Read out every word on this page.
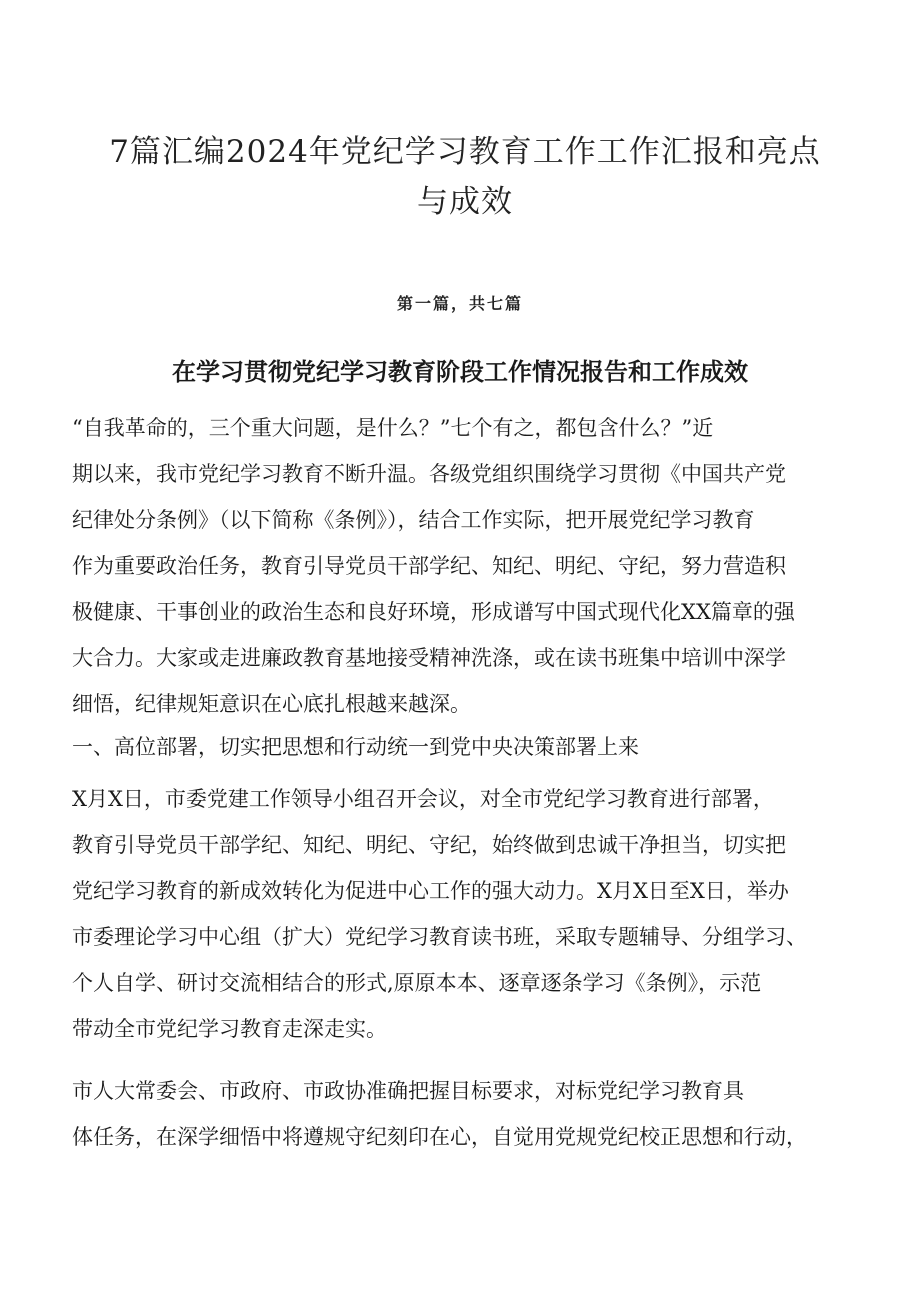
7篇汇编2024年党纪学习教育工作工作汇报和亮点
与成效
第一篇，共七篇
在学习贯彻党纪学习教育阶段工作情况报告和工作成效
“自我革命的，三个重大问题，是什么？”七个有之，都包含什么？”近
期以来，我市党纪学习教育不断升温。各级党组织围绕学习贯彻《中国共产党
纪律处分条例》（以下简称《条例》），结合工作实际，把开展党纪学习教育
作为重要政治任务，教育引导党员干部学纪、知纪、明纪、守纪，努力营造积
极健康、干事创业的政治生态和良好环境，形成谱写中国式现代化XX篇章的强
大合力。大家或走进廉政教育基地接受精神洗涤，或在读书班集中培训中深学
细悟，纪律规矩意识在心底扎根越来越深。
一、高位部署，切实把思想和行动统一到党中央决策部署上来
X月X日，市委党建工作领导小组召开会议，对全市党纪学习教育进行部署，
教育引导党员干部学纪、知纪、明纪、守纪，始终做到忠诚干净担当，切实把
党纪学习教育的新成效转化为促进中心工作的强大动力。X月X日至X日，举办
市委理论学习中心组（扩大）党纪学习教育读书班，采取专题辅导、分组学习、
个人自学、研讨交流相结合的形式,原原本本、逐章逐条学习《条例》，示范
带动全市党纪学习教育走深走实。
市人大常委会、市政府、市政协准确把握目标要求，对标党纪学习教育具
体任务，在深学细悟中将遵规守纪刻印在心，自觉用党规党纪校正思想和行动，
